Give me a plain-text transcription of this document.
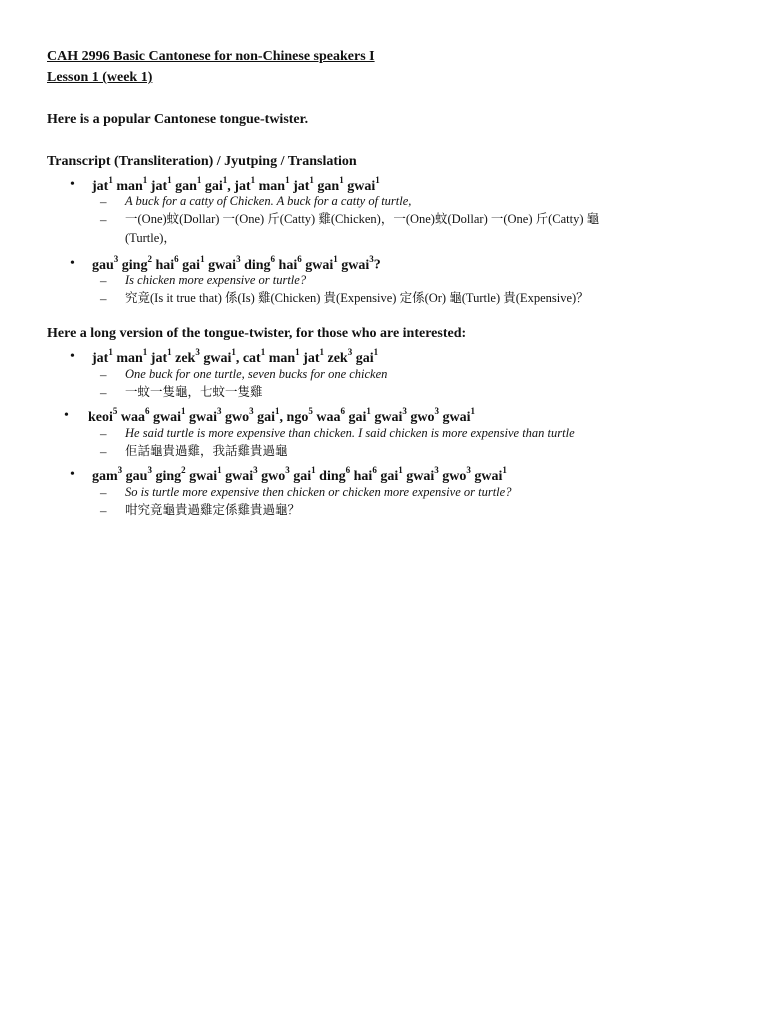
CAH 2996 Basic Cantonese for non-Chinese speakers I
Lesson 1 (week 1)
Here is a popular Cantonese tongue-twister.
Transcript (Transliteration) / Jyutping / Translation
• jat$^1$ man$^1$ jat$^1$ gan$^1$ gai$^1$, jat$^1$ man$^1$ jat$^1$ gan$^1$ gwai$^1$
– A buck for a catty of Chicken. A buck for a catty of turtle,
– 一(One)蚊(Dollar) 一(One) 斤(Catty) 雞(Chicken)，一(One)蚊(Dollar) 一(One) 斤(Catty) 龜
(Turtle)，
• gau$^3$ ging$^2$ hai$^6$ gai$^1$ gwai$^3$ ding$^6$ hai$^6$ gwai$^1$ gwai$^3$?
– Is chicken more expensive or turtle?
– 究竟(Is it true that) 係(Is) 雞(Chicken) 貴(Expensive) 定係(Or) 龜(Turtle) 貴(Expensive)？
Here a long version of the tongue-twister, for those who are interested:
• jat$^1$ man$^1$ jat$^1$ zek$^3$ gwai$^1$, cat$^1$ man$^1$ jat$^1$ zek$^3$ gai$^1$
– One buck for one turtle, seven bucks for one chicken
– 一蚊一隻龜，七蚊一隻雞
• keoi$^5$ waa$^6$ gwai$^1$ gwai$^3$ gwo$^3$ gai$^1$, ngo$^5$ waa$^6$ gai$^1$ gwai$^3$ gwo$^3$ gwai$^1$
– He said turtle is more expensive than chicken. I said chicken is more expensive than turtle
– 佢話龜貴過雞，我話雞貴過龜
• gam$^3$ gau$^3$ ging$^2$ gwai$^1$ gwai$^3$ gwo$^3$ gai$^1$ ding$^6$ hai$^6$ gai$^1$ gwai$^3$ gwo$^3$ gwai$^1$
– So is turtle more expensive then chicken or chicken more expensive or turtle?
– 咁究竟龜貴過雞定係雞貴過龜？
